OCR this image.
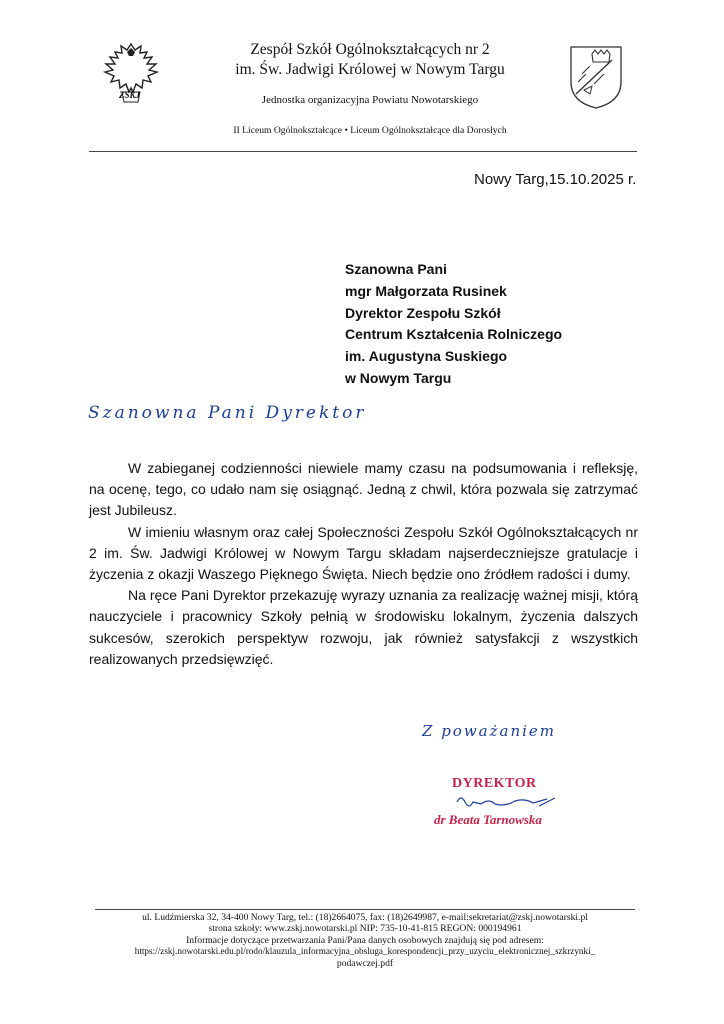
ZSKJ
Zespół Szkół Ogólnokształcących nr 2
im. Św. Jadwigi Królowej w Nowym Targu
Jednostka organizacyjna Powiatu Nowotarskiego
II Liceum Ogólnokształcące • Liceum Ogólnokształcące dla Dorosłych
Nowy Targ,15.10.2025 r.
Szanowna Pani
mgr Małgorzata Rusinek
Dyrektor Zespołu Szkół
Centrum Kształcenia Rolniczego
im. Augustyna Suskiego
w Nowym Targu
Szanowna Pani Dyrektor

W zabieganej codzienności niewiele mamy czasu na podsumowania i refleksję, na ocenę, tego, co udało nam się osiągnąć. Jedną z chwil, która pozwala się zatrzymać jest Jubileusz.

W imieniu własnym oraz całej Społeczności Zespołu Szkół Ogólnokształcących nr 2 im. Św. Jadwigi Królowej w Nowym Targu składam najserdeczniejsze gratulacje i życzenia z okazji Waszego Pięknego Święta. Niech będzie ono źródłem radości i dumy.

Na ręce Pani Dyrektor przekazuję wyrazy uznania za realizację ważnej misji, którą nauczyciele i pracownicy Szkoły pełnią w środowisku lokalnym, życzenia dalszych sukcesów, szerokich perspektyw rozwoju, jak również satysfakcji z wszystkich realizowanych przedsięwzięć.

Z poważaniem
DYREKTOR
dr Beata Tarnowska
ul. Ludźmierska 32, 34-400 Nowy Targ, tel.: (18)2664075, fax: (18)2649987, e-mail:sekretariat@zskj.nowotarski.pl
strona szkoły: www.zskj.nowotarski.pl NIP: 735-10-41-815 REGON: 000194961
Informacje dotyczące przetwarzania Pani/Pana danych osobowych znajdują się pod adresem:
https://zskj.nowotarski.edu.pl/rodo/klauzula_informacyjna_obsluga_korespondencji_przy_uzyciu_elektronicznej_szkrzynki_
podawczej.pdf
